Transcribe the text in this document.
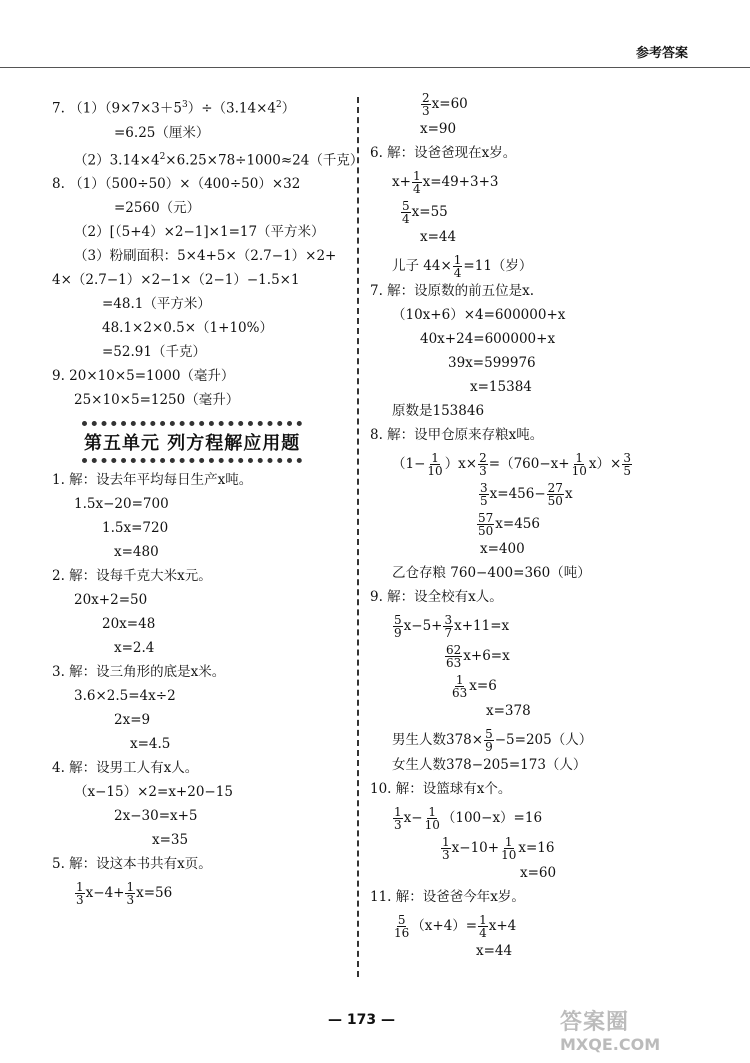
参考答案
7. $(1)(9\times 7\times 3+5^3)\div(3.14\times 4^2)$
=6.25（厘米）
$(2)3.14\times 4^2\times 6.25\times 78\div 1000\approx 24$（千克）
8. （1）（500÷50）×（400÷50）×32
=2560（元）
（2）[（5+4）×2−1]×1=17（平方米）
（3）粉刷面积：5×4+5×（2.7−1）×2+
4×（2.7−1）×2−1×（2−1）−1.5×1
=48.1（平方米）
48.1×2×0.5×（1+10%）
=52.91（千克）
9. 20×10×5=1000（毫升）
25×10×5=1250（毫升）
第五单元 列方程解应用题
1. 解：设去年平均每日生产x吨。
1.5x−20=700
1.5x=720
x=480
2. 解：设每千克大米x元。
20x+2=50
20x=48
x=2.4
3. 解：设三角形的底是x米。
3.6×2.5=4x÷2
2x=9
x=4.5
4. 解：设男工人有x人。
（x−15）×2=x+20−15
2x−30=x+5
x=35
5. 解：设这本书共有x页。
$\frac{1}{3} x-4+ \frac{1}{3} x=56$
$\frac{2}{3} x=60$
x=90
6. 解：设爸爸现在x岁。
$x+ \frac{1}{4} x=49+3+3$
$\frac{5}{4} x=55$
x=44
儿子 $44\times \frac{1}{4} =11$（岁）
7. 解：设原数的前五位是x.
（10x+6）×4=600000+x
40x+24=600000+x
39x=599976
x=15384
原数是153846
8. 解：设甲仓原来存粮x吨。
$(1- \frac{1}{10} )x\times \frac{2}{3} =(760-x+ \frac{1}{10} x)\times \frac{3}{5}$
$\frac{3}{5} x=456- \frac{27}{50}$ x
$\frac{57}{50} x=456$
x=400
乙仓存粮 760−400=360（吨）
9. 解：设全校有x人。
$\frac{5}{9} x-5+ \frac{3}{7} x+11=x$
$\frac{62}{63} x+6=x$
$\frac{1}{63} x=6$
x=378
男生人数$378\times \frac{5}{9} -5=205$（人）
女生人数378−205=173（人）
10. 解：设篮球有x个。
$\frac{1}{3} x- \frac{1}{10} (100-x)=16$
$\frac{1}{3} x-10+ \frac{1}{10} x=16$
x=60
11. 解：设爸爸今年x岁。
$\frac{5}{16} (x+4)= \frac{1}{4} x+4$
x=44
— 173 —	答案圈
MXQE.COM
